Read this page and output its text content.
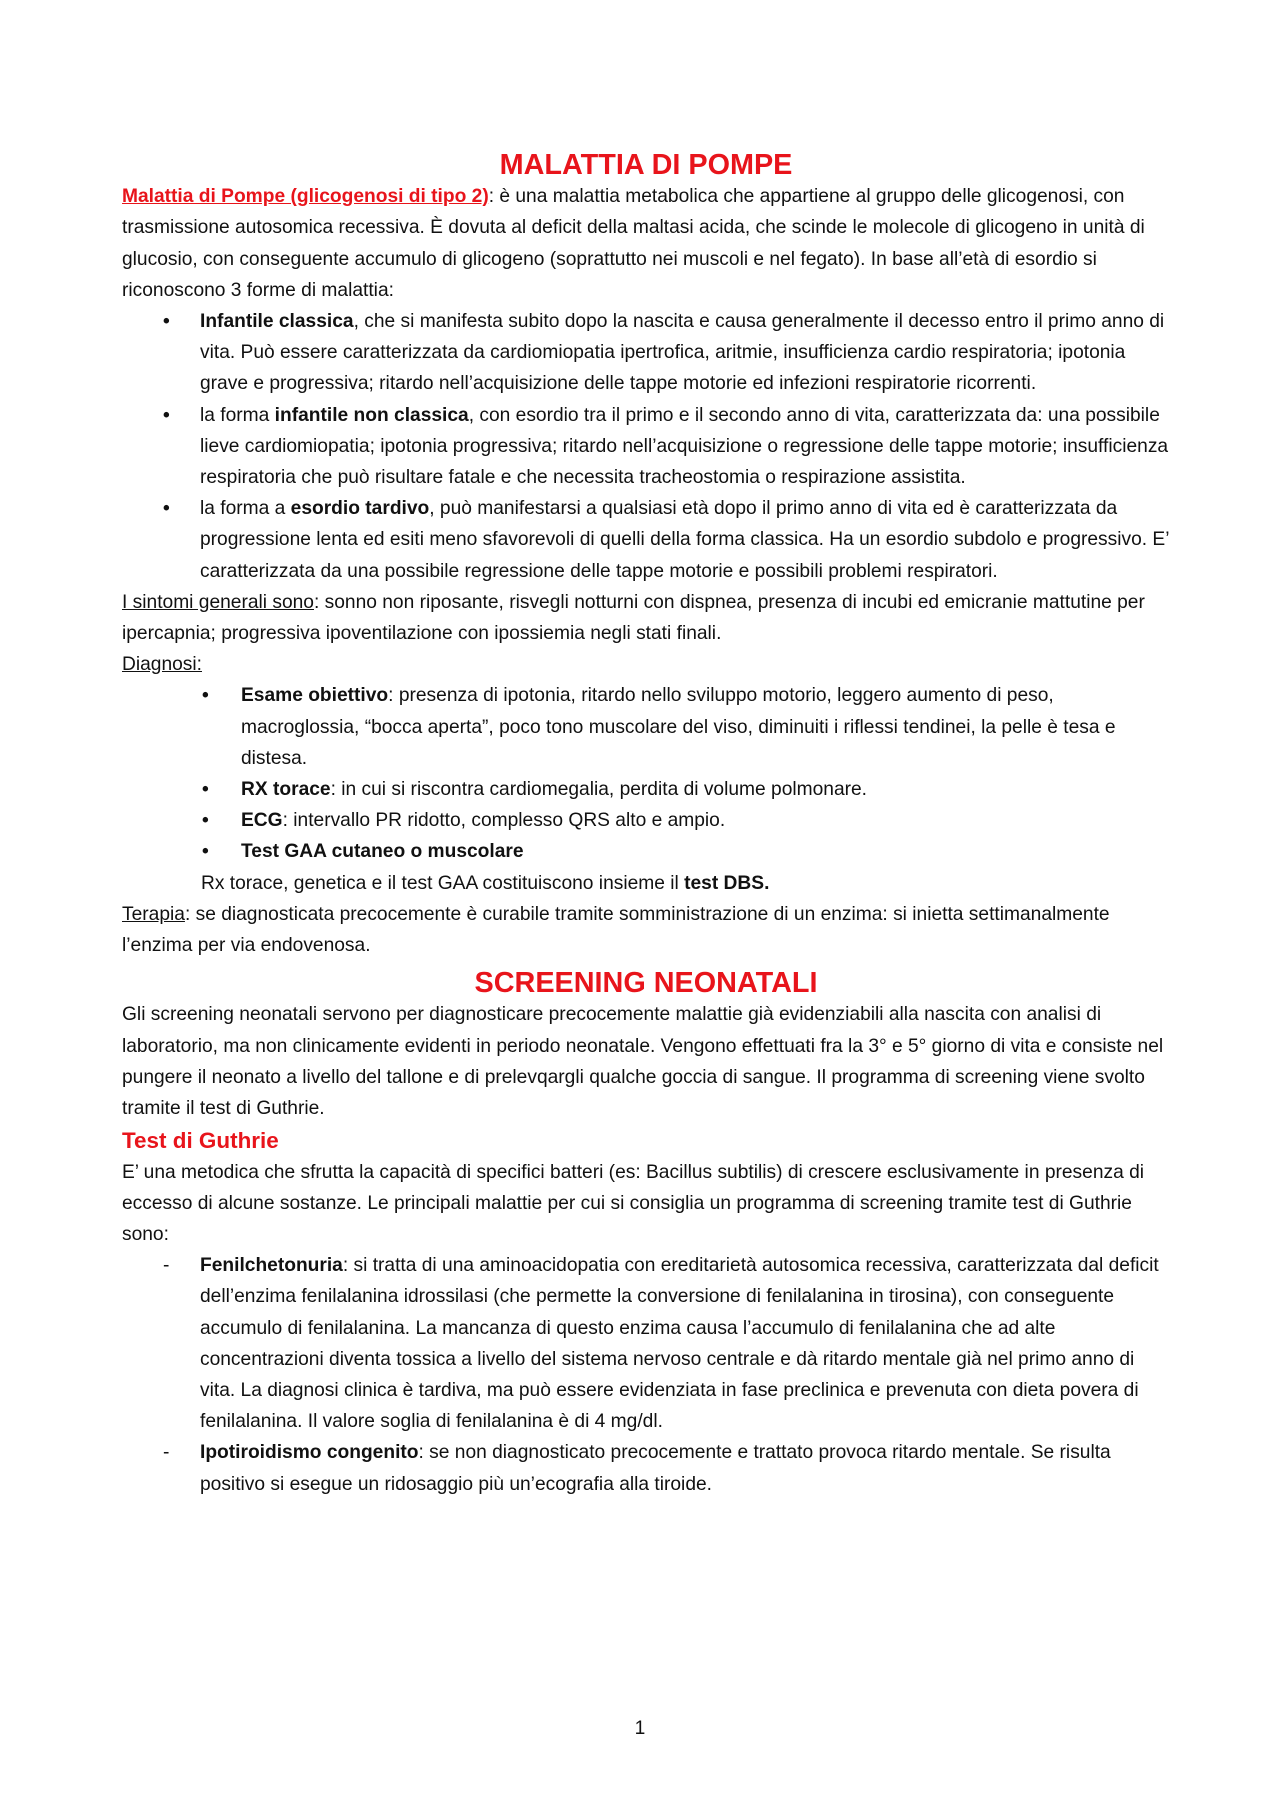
MALATTIA DI POMPE

Malattia di Pompe (glicogenosi di tipo 2): è una malattia metabolica che appartiene al gruppo delle glicogenosi, con trasmissione autosomica recessiva. È dovuta al deficit della maltasi acida, che scinde le molecole di glicogeno in unità di glucosio, con conseguente accumulo di glicogeno (soprattutto nei muscoli e nel fegato). In base all’età di esordio si riconoscono 3 forme di malattia:

• Infantile classica, che si manifesta subito dopo la nascita e causa generalmente il decesso entro il primo anno di vita. Può essere caratterizzata da cardiomiopatia ipertrofica, aritmie, insufficienza cardio respiratoria; ipotonia grave e progressiva; ritardo nell’acquisizione delle tappe motorie ed infezioni respiratorie ricorrenti.
• la forma infantile non classica, con esordio tra il primo e il secondo anno di vita, caratterizzata da: una possibile lieve cardiomiopatia; ipotonia progressiva; ritardo nell’acquisizione o regressione delle tappe motorie; insufficienza respiratoria che può risultare fatale e che necessita tracheostomia o respirazione assistita.
• la forma a esordio tardivo, può manifestarsi a qualsiasi età dopo il primo anno di vita ed è caratterizzata da progressione lenta ed esiti meno sfavorevoli di quelli della forma classica. Ha un esordio subdolo e progressivo. E’ caratterizzata da una possibile regressione delle tappe motorie e possibili problemi respiratori.

I sintomi generali sono: sonno non riposante, risvegli notturni con dispnea, presenza di incubi ed emicranie mattutine per ipercapnia; progressiva ipoventilazione con ipossiemia negli stati finali.

Diagnosi:

• Esame obiettivo: presenza di ipotonia, ritardo nello sviluppo motorio, leggero aumento di peso, macroglossia, “bocca aperta”, poco tono muscolare del viso, diminuiti i riflessi tendinei, la pelle è tesa e distesa.
• RX torace: in cui si riscontra cardiomegalia, perdita di volume polmonare.
• ECG: intervallo PR ridotto, complesso QRS alto e ampio.
• Test GAA cutaneo o muscolare

Rx torace, genetica e il test GAA costituiscono insieme il test DBS.

Terapia: se diagnosticata precocemente è curabile tramite somministrazione di un enzima: si inietta settimanalmente l’enzima per via endovenosa.

SCREENING NEONATALI

Gli screening neonatali servono per diagnosticare precocemente malattie già evidenziabili alla nascita con analisi di laboratorio, ma non clinicamente evidenti in periodo neonatale. Vengono effettuati fra la 3° e 5° giorno di vita e consiste nel pungere il neonato a livello del tallone e di prelevqargli qualche goccia di sangue. Il programma di screening viene svolto tramite il test di Guthrie.

Test di Guthrie

E’ una metodica che sfrutta la capacità di specifici batteri (es: Bacillus subtilis) di crescere esclusivamente in presenza di eccesso di alcune sostanze. Le principali malattie per cui si consiglia un programma di screening tramite test di Guthrie sono:

- Fenilchetonuria: si tratta di una aminoacidopatia con ereditarietà autosomica recessiva, caratterizzata dal deficit dell’enzima fenilalanina idrossilasi (che permette la conversione di fenilalanina in tirosina), con conseguente accumulo di fenilalanina. La mancanza di questo enzima causa l’accumulo di fenilalanina che ad alte concentrazioni diventa tossica a livello del sistema nervoso centrale e dà ritardo mentale già nel primo anno di vita. La diagnosi clinica è tardiva, ma può essere evidenziata in fase preclinica e prevenuta con dieta povera di fenilalanina. Il valore soglia di fenilalanina è di 4 mg/dl.
- Ipotiroidismo congenito: se non diagnosticato precocemente e trattato provoca ritardo mentale. Se risulta positivo si esegue un ridosaggio più un’ecografia alla tiroide.
1
